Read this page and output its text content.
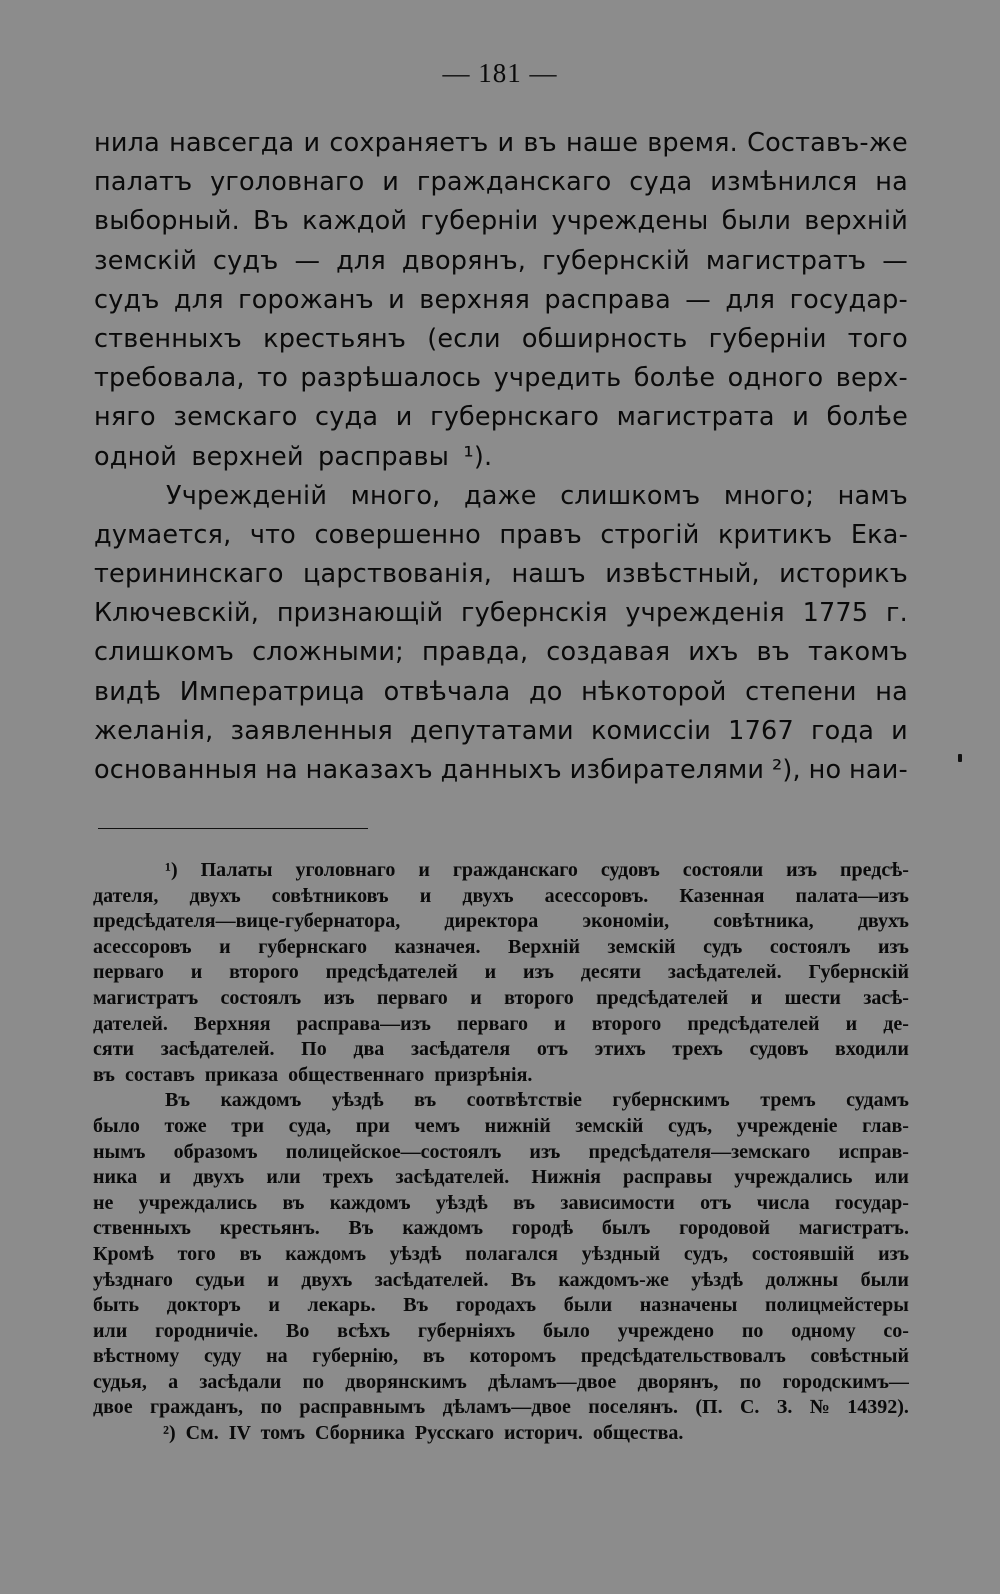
— 181 —
нила навсегда и сохраняетъ и въ наше время. Составъ-же
палатъ уголовнаго и гражданскаго суда измѣнился на
выборный. Въ каждой губерніи учреждены были верхній
земскій судъ — для дворянъ, губернскій магистратъ —
судъ для горожанъ и верхняя расправа — для государ-
ственныхъ крестьянъ (если обширность губерніи того
требовала, то разрѣшалось учредить болѣе одного верх-
няго земскаго суда и губернскаго магистрата и болѣе
одной верхней расправы ¹).
Учрежденій много, даже слишкомъ много; намъ
думается, что совершенно правъ строгій критикъ Ека-
терининскаго царствованія, нашъ извѣстный, историкъ
Ключевскій, признающій губернскія учрежденія 1775 г.
слишкомъ сложными; правда, создавая ихъ въ такомъ
видѣ Императрица отвѣчала до нѣкоторой степени на
желанія, заявленныя депутатами комиссіи 1767 года и
основанныя на наказахъ данныхъ избирателями ²), но наи-
¹) Палаты уголовнаго и гражданскаго судовъ состояли изъ предсѣ-
дателя, двухъ совѣтниковъ и двухъ асессоровъ. Казенная палата—изъ
предсѣдателя—вице-губернатора, директора экономіи, совѣтника, двухъ
асессоровъ и губернскаго казначея. Верхній земскій судъ состоялъ изъ
перваго и второго предсѣдателей и изъ десяти засѣдателей. Губернскій
магистратъ состоялъ изъ перваго и второго предсѣдателей и шести засѣ-
дателей. Верхняя расправа—изъ перваго и второго предсѣдателей и де-
сяти засѣдателей. По два засѣдателя отъ этихъ трехъ судовъ входили
въ составъ приказа общественнаго призрѣнія.
Въ каждомъ уѣздѣ въ соотвѣтствіе губернскимъ тремъ судамъ
было тоже три суда, при чемъ нижній земскій судъ, учрежденіе глав-
нымъ образомъ полицейское—состоялъ изъ предсѣдателя—земскаго исправ-
ника и двухъ или трехъ засѣдателей. Нижнія расправы учреждались или
не учреждались въ каждомъ уѣздѣ въ зависимости отъ числа государ-
ственныхъ крестьянъ. Въ каждомъ городѣ былъ городовой магистратъ.
Кромѣ того въ каждомъ уѣздѣ полагался уѣздный судъ, состоявшій изъ
уѣзднаго судьи и двухъ засѣдателей. Въ каждомъ-же уѣздѣ должны были
быть докторъ и лекарь. Въ городахъ были назначены полицмейстеры
или городничіе. Во всѣхъ губерніяхъ было учреждено по одному со-
вѣстному суду на губернію, въ которомъ предсѣдательствовалъ совѣстный
судья, а засѣдали по дворянскимъ дѣламъ—двое дворянъ, по городскимъ—
двое гражданъ, по расправнымъ дѣламъ—двое поселянъ. (П. С. З. № 14392).
²) См. IV томъ Сборника Русскаго историч. общества.
